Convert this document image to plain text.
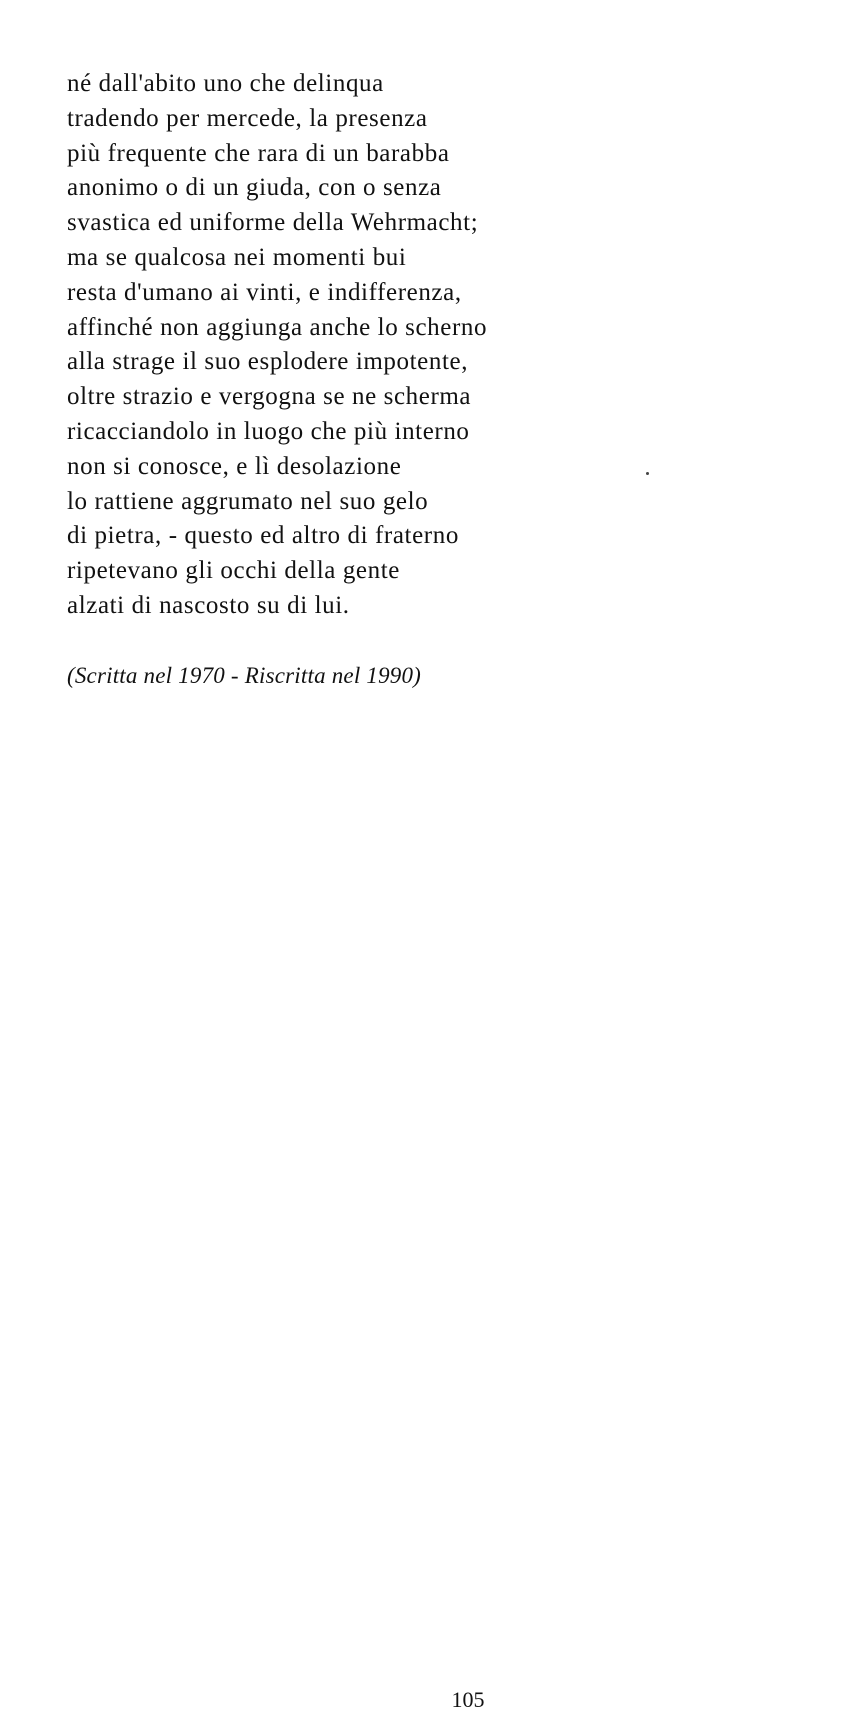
né dall'abito uno che delinqua
tradendo per mercede, la presenza
più frequente che rara di un barabba
anonimo o di un giuda, con o senza
svastica ed uniforme della Wehrmacht;
ma se qualcosa nei momenti bui
resta d'umano ai vinti, e indifferenza,
affinché non aggiunga anche lo scherno
alla strage il suo esplodere impotente,
oltre strazio e vergogna se ne scherma
ricacciandolo in luogo che più interno
non si conosce, e lì desolazione
lo rattiene aggrumato nel suo gelo
di pietra, - questo ed altro di fraterno
ripetevano gli occhi della gente
alzati di nascosto su di lui.
(Scritta nel 1970 - Riscritta nel 1990)
105
